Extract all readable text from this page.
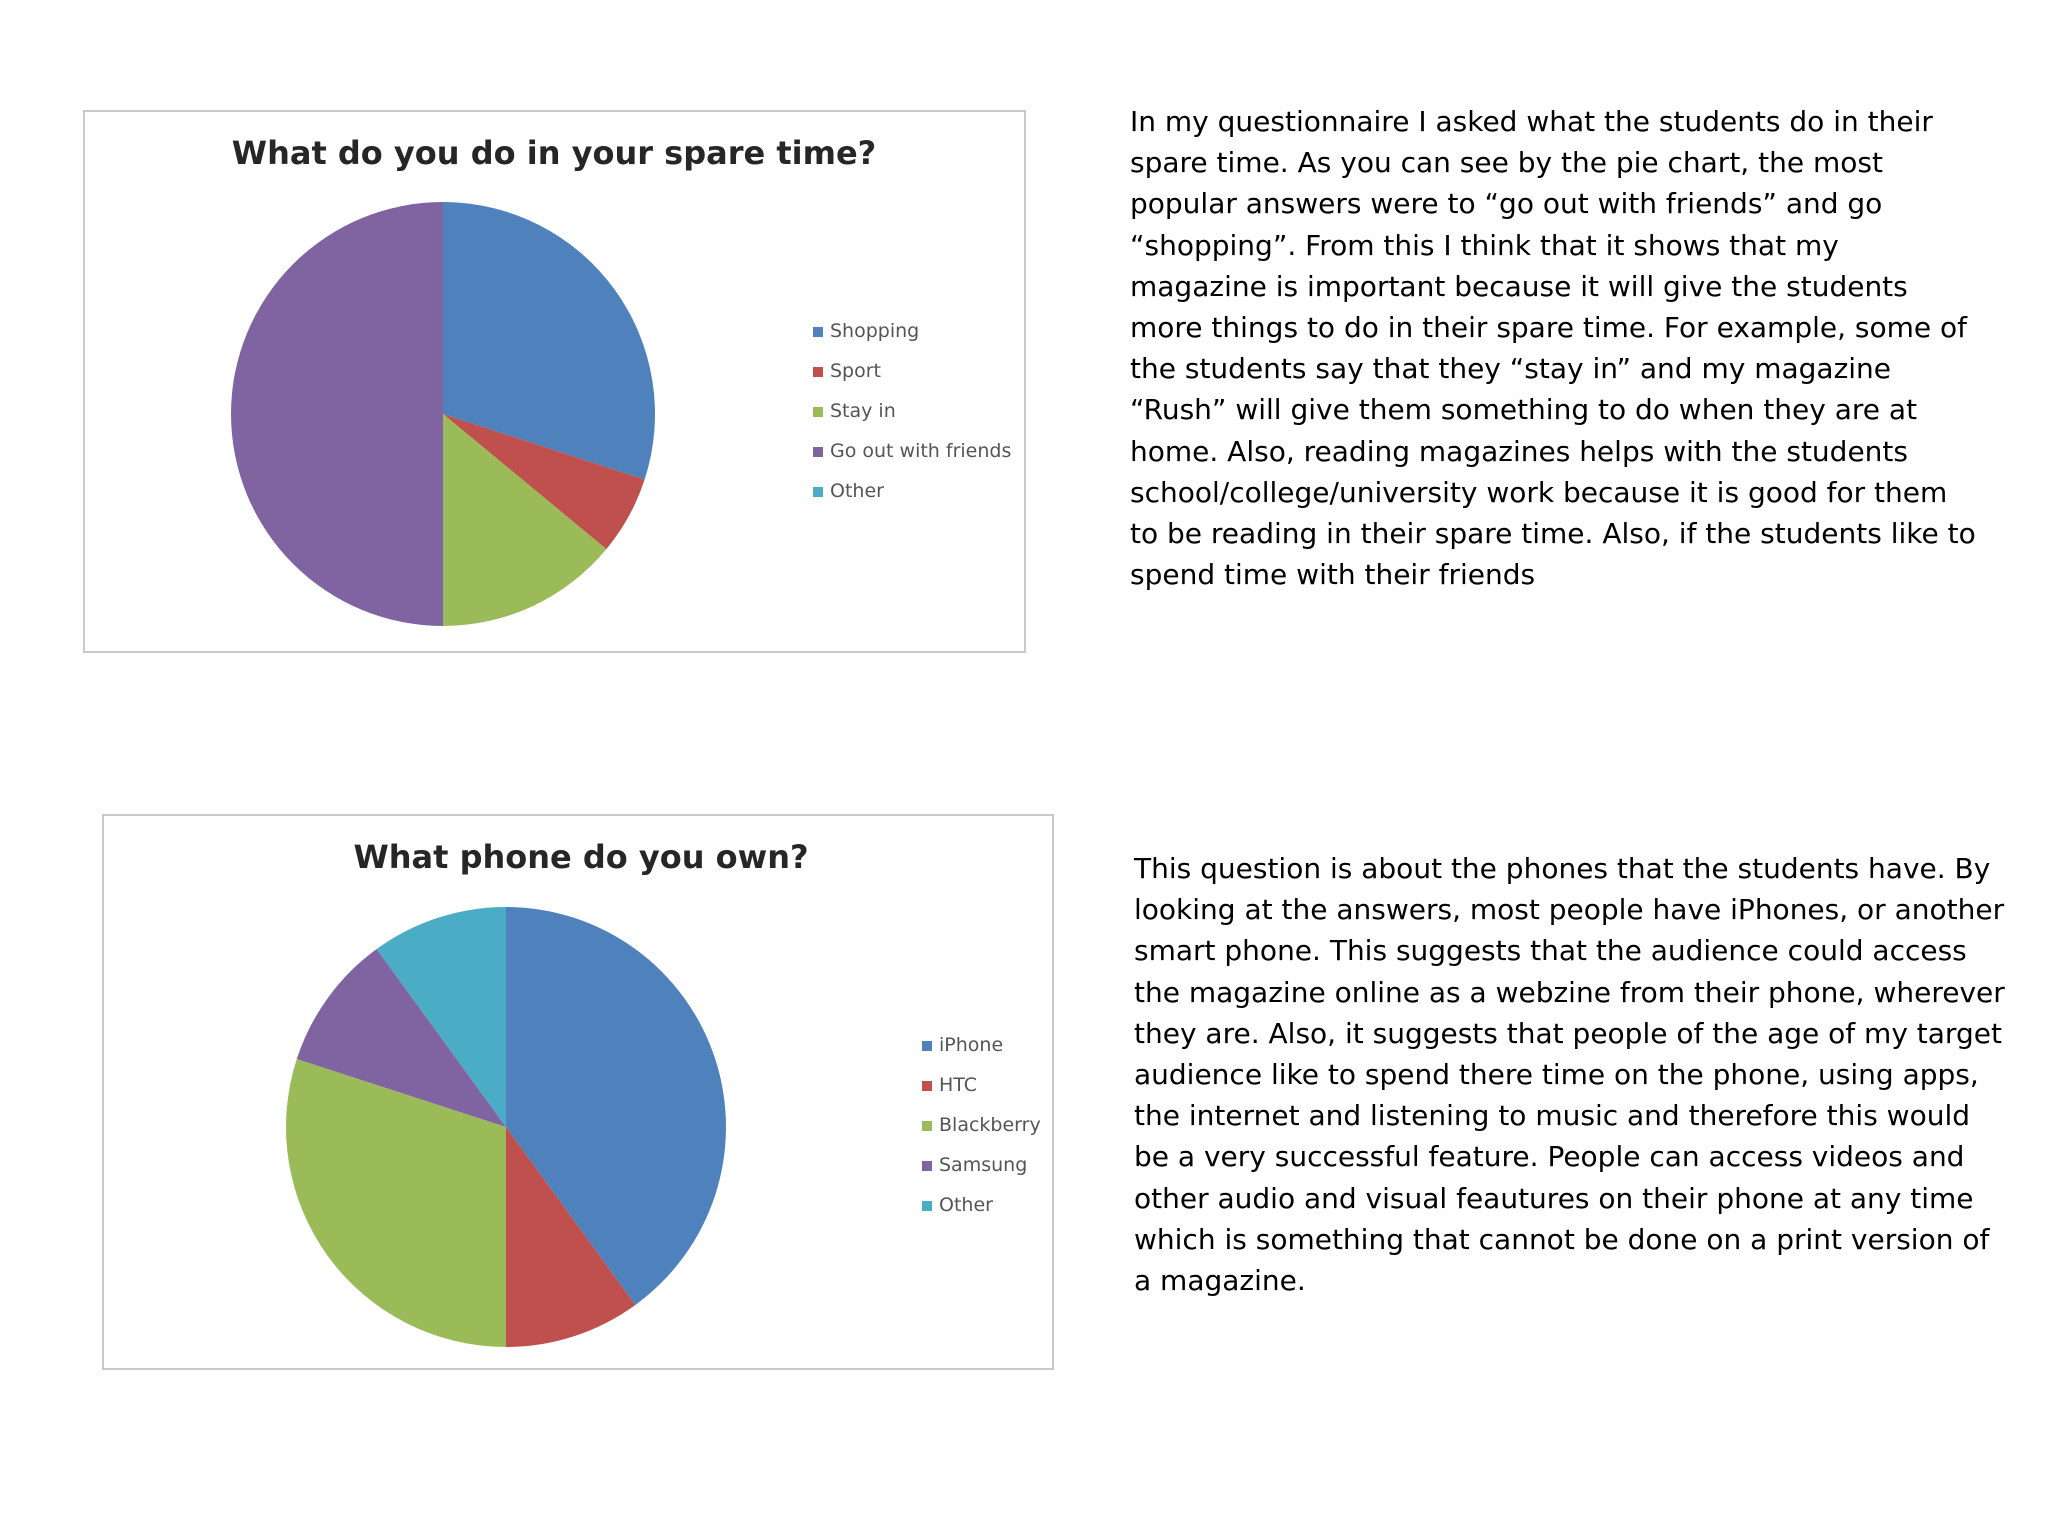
What do you do in your spare time?
Shopping
Sport
Stay in
Go out with friends
Other

In my questionnaire I asked what the students do in their
spare time. As you can see by the pie chart, the most
popular answers were to “go out with friends” and go
“shopping”. From this I think that it shows that my
magazine is important because it will give the students
more things to do in their spare time. For example, some of
the students say that they “stay in” and my magazine
“Rush” will give them something to do when they are at
home. Also, reading magazines helps with the students
school/college/university work because it is good for them
to be reading in their spare time. Also, if the students like to
spend time with their friends

What phone do you own?
iPhone
HTC
Blackberry
Samsung
Other

This question is about the phones that the students have. By
looking at the answers, most people have iPhones, or another
smart phone. This suggests that the audience could access
the magazine online as a webzine from their phone, wherever
they are. Also, it suggests that people of the age of my target
audience like to spend there time on the phone, using apps,
the internet and listening to music and therefore this would
be a very successful feature. People can access videos and
other audio and visual feautures on their phone at any time
which is something that cannot be done on a print version of
a magazine.
